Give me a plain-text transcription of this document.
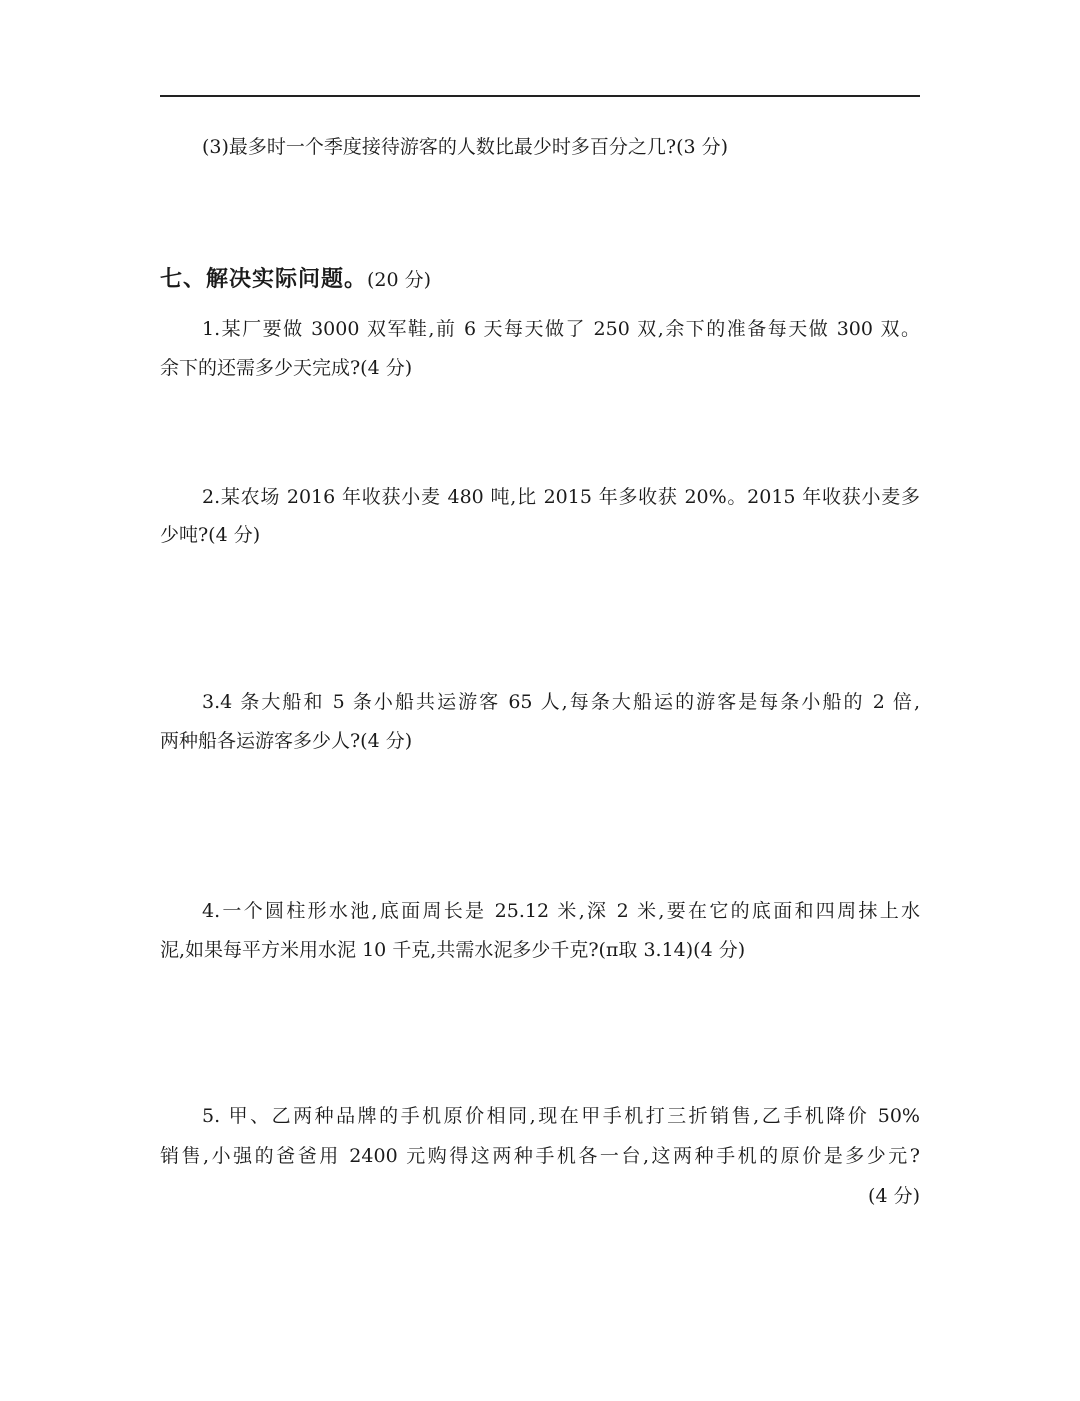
(3)最多时一个季度接待游客的人数比最少时多百分之几?(3 分)
七、解决实际问题。(20 分)
1.某厂要做 3000 双军鞋,前 6 天每天做了 250 双,余下的准备每天做 300 双。
余下的还需多少天完成?(4 分)
2.某农场 2016 年收获小麦 480 吨,比 2015 年多收获 20%。2015 年收获小麦多
少吨?(4 分)
3.4 条大船和 5 条小船共运游客 65 人,每条大船运的游客是每条小船的 2 倍,
两种船各运游客多少人?(4 分)
4.一个圆柱形水池,底面周长是 25.12 米,深 2 米,要在它的底面和四周抹上水
泥,如果每平方米用水泥 10 千克,共需水泥多少千克?(π取 3.14)(4 分)
5. 甲、乙两种品牌的手机原价相同,现在甲手机打三折销售,乙手机降价 50%
销售,小强的爸爸用 2400 元购得这两种手机各一台,这两种手机的原价是多少元?
(4 分)
